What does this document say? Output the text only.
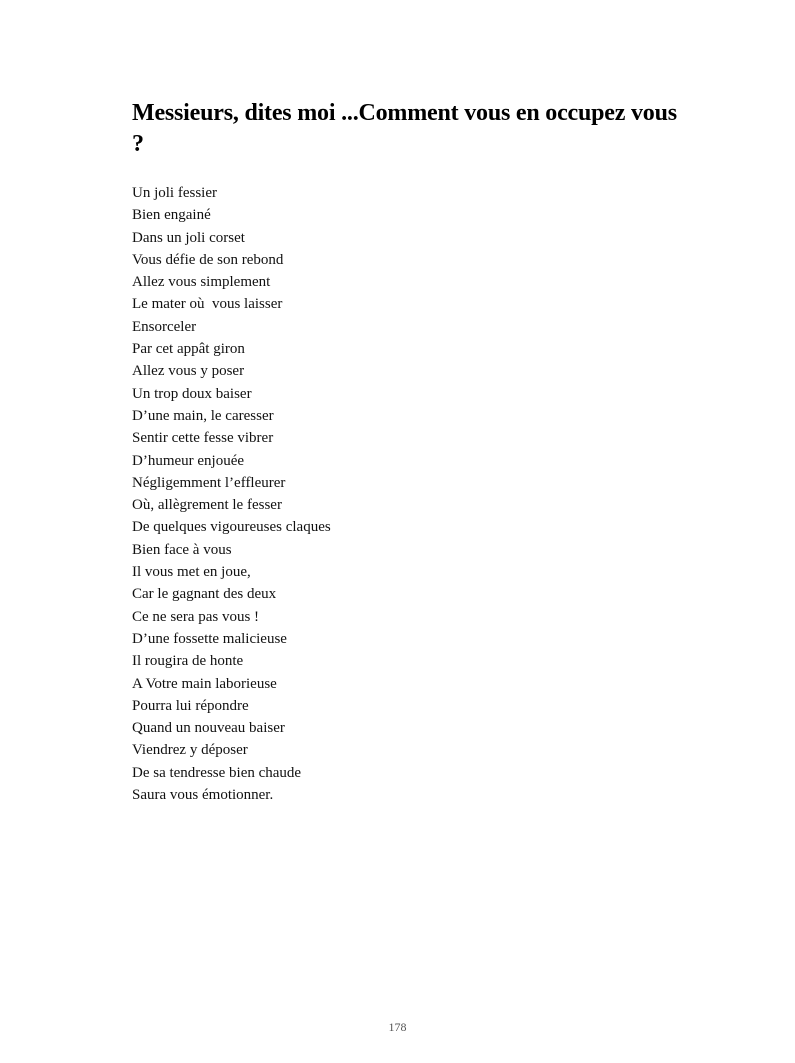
Messieurs, dites moi ...Comment vous en occupez vous ?
Un joli fessier
Bien engainé
Dans un joli corset
Vous défie de son rebond
Allez vous simplement
Le mater où  vous laisser
Ensorceler
Par cet appât giron
Allez vous y poser
Un trop doux baiser
D’une main, le caresser
Sentir cette fesse vibrer
D’humeur enjouée
Négligemment l’effleurer
Où, allègrement le fesser
De quelques vigoureuses claques
Bien face à vous
Il vous met en joue,
Car le gagnant des deux
Ce ne sera pas vous !
D’une fossette malicieuse
Il rougira de honte
A Votre main laborieuse
Pourra lui répondre
Quand un nouveau baiser
Viendrez y déposer
De sa tendresse bien chaude
Saura vous émotionner.
178
